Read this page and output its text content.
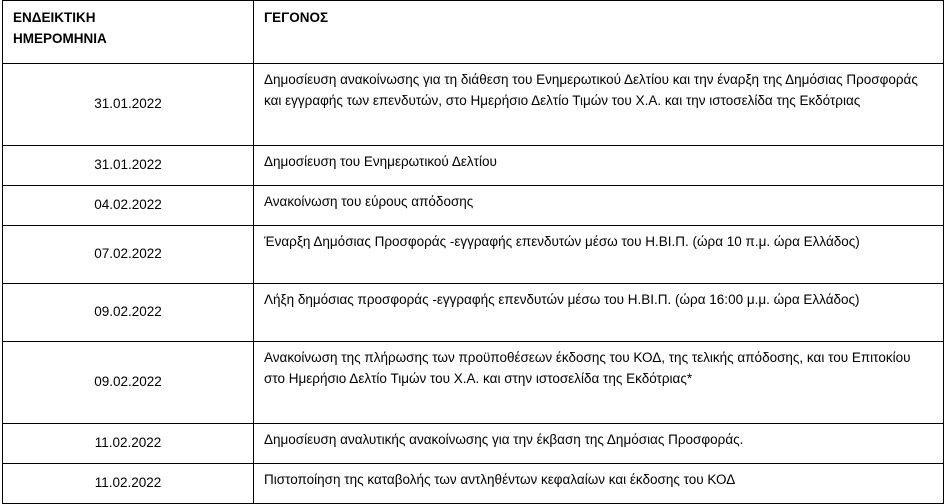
ΕΝΔΕΙΚΤΙΚΗ
ΗΜΕΡΟΜΗΝΙΑ	ΓΕΓΟΝΟΣ
31.01.2022	Δημοσίευση ανακοίνωσης για τη διάθεση του Ενημερωτικού Δελτίου και την έναρξη της Δημόσιας Προσφοράς και εγγραφής των επενδυτών, στο Ημερήσιο Δελτίο Τιμών του Χ.Α. και την ιστοσελίδα της Εκδότριας
31.01.2022	Δημοσίευση του Ενημερωτικού Δελτίου
04.02.2022	Ανακοίνωση του εύρους απόδοσης
07.02.2022	Έναρξη Δημόσιας Προσφοράς -εγγραφής επενδυτών μέσω του Η.ΒΙ.Π. (ώρα 10 π.μ. ώρα Ελλάδος)
09.02.2022	Λήξη δημόσιας προσφοράς -εγγραφής επενδυτών μέσω του Η.ΒΙ.Π. (ώρα 16:00 μ.μ. ώρα Ελλάδος)
09.02.2022	Ανακοίνωση της πλήρωσης των προϋποθέσεων έκδοσης του ΚΟΔ, της τελικής απόδοσης, και του Επιτοκίου στο Ημερήσιο Δελτίο Τιμών του Χ.Α. και στην ιστοσελίδα της Εκδότριας*
11.02.2022	Δημοσίευση αναλυτικής ανακοίνωσης για την έκβαση της Δημόσιας Προσφοράς.
11.02.2022	Πιστοποίηση της καταβολής των αντληθέντων κεφαλαίων και έκδοσης του ΚΟΔ
